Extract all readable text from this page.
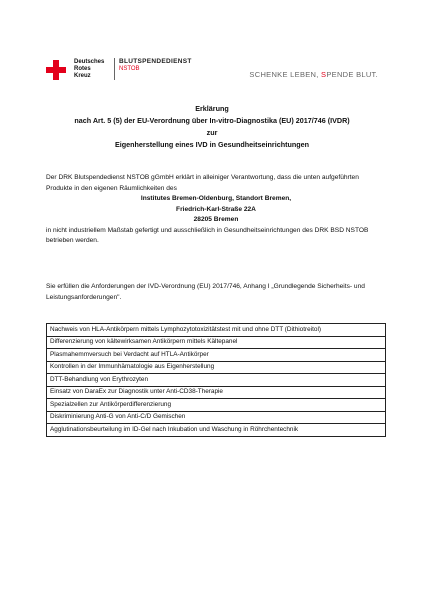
Deutsches
Rotes
Kreuz
BLUTSPENDEDIENST
NSTOB
SCHENKE LEBEN, SPENDE BLUT.
Erklärung
nach Art. 5 (5) der EU-Verordnung über In-vitro-Diagnostika (EU) 2017/746 (IVDR)
zur
Eigenherstellung eines IVD in Gesundheitseinrichtungen
Der DRK Blutspendedienst NSTOB gGmbH erklärt in alleiniger Verantwortung, dass die unten aufgeführten Produkte in den eigenen Räumlichkeiten des
Institutes Bremen-Oldenburg, Standort Bremen,
Friedrich-Karl-Straße 22A
28205 Bremen
in nicht industriellem Maßstab gefertigt und ausschließlich in Gesundheitseinrichtungen des DRK BSD NSTOB betrieben werden.
Sie erfüllen die Anforderungen der IVD-Verordnung (EU) 2017/746, Anhang I „Grundlegende Sicherheits- und Leistungsanforderungen".
Nachweis von HLA-Antikörpern mittels Lymphozytotoxizitätstest mit und ohne DTT (Dithiotreitol)
Differenzierung von kältewirksamen Antikörpern mittels Kältepanel
Plasmahemmversuch bei Verdacht auf HTLA-Antikörper
Kontrollen in der Immunhämatologie aus Eigenherstellung
DTT-Behandlung von Erythrozyten
Einsatz von DaraEx zur Diagnostik unter Anti-CD38-Therapie
Spezialzellen zur Antikörperdifferenzierung
Diskriminierung Anti-G von Anti-C/D Gemischen
Agglutinationsbeurteilung im ID-Gel nach Inkubation und Waschung in Röhrchentechnik
